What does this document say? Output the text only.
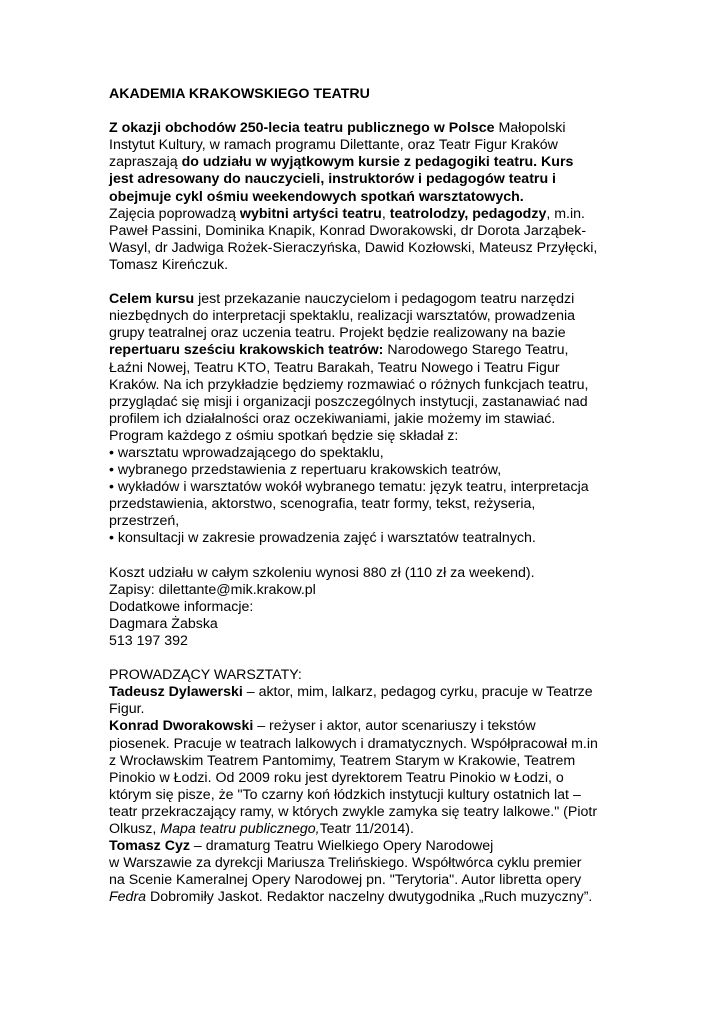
AKADEMIA KRAKOWSKIEGO TEATRU
Z okazji obchodów 250-lecia teatru publicznego w Polsce Małopolski
Instytut Kultury, w ramach programu Dilettante, oraz Teatr Figur Kraków
zapraszają do udziału w wyjątkowym kursie z pedagogiki teatru. Kurs
jest adresowany do nauczycieli, instruktorów i pedagogów teatru i
obejmuje cykl ośmiu weekendowych spotkań warsztatowych.
Zajęcia poprowadzą wybitni artyści teatru, teatrolodzy, pedagodzy, m.in.
Paweł Passini, Dominika Knapik, Konrad Dworakowski, dr Dorota Jarząbek-
Wasyl, dr Jadwiga Rożek-Sieraczyńska, Dawid Kozłowski, Mateusz Przyłęcki,
Tomasz Kireńczuk.
Celem kursu jest przekazanie nauczycielom i pedagogom teatru narzędzi
niezbędnych do interpretacji spektaklu, realizacji warsztatów, prowadzenia
grupy teatralnej oraz uczenia teatru. Projekt będzie realizowany na bazie
repertuaru sześciu krakowskich teatrów: Narodowego Starego Teatru,
Łaźni Nowej, Teatru KTO, Teatru Barakah, Teatru Nowego i Teatru Figur
Kraków. Na ich przykładzie będziemy rozmawiać o różnych funkcjach teatru,
przyglądać się misji i organizacji poszczególnych instytucji, zastanawiać nad
profilem ich działalności oraz oczekiwaniami, jakie możemy im stawiać.
Program każdego z ośmiu spotkań będzie się składał z:
• warsztatu wprowadzającego do spektaklu,
• wybranego przedstawienia z repertuaru krakowskich teatrów,
• wykładów i warsztatów wokół wybranego tematu: język teatru, interpretacja
przedstawienia, aktorstwo, scenografia, teatr formy, tekst, reżyseria,
przestrzeń,
• konsultacji w zakresie prowadzenia zajęć i warsztatów teatralnych.
Koszt udziału w całym szkoleniu wynosi 880 zł (110 zł za weekend).
Zapisy: dilettante@mik.krakow.pl
Dodatkowe informacje:
Dagmara Żabska
513 197 392
PROWADZĄCY WARSZTATY:
Tadeusz Dylawerski – aktor, mim, lalkarz, pedagog cyrku, pracuje w Teatrze
Figur.
Konrad Dworakowski – reżyser i aktor, autor scenariuszy i tekstów
piosenek. Pracuje w teatrach lalkowych i dramatycznych. Współpracował m.in
z Wrocławskim Teatrem Pantomimy, Teatrem Starym w Krakowie, Teatrem
Pinokio w Łodzi. Od 2009 roku jest dyrektorem Teatru Pinokio w Łodzi, o
którym się pisze, że "To czarny koń łódzkich instytucji kultury ostatnich lat –
teatr przekraczający ramy, w których zwykle zamyka się teatry lalkowe." (Piotr
Olkusz, Mapa teatru publicznego,Teatr 11/2014).
Tomasz Cyz – dramaturg Teatru Wielkiego Opery Narodowej
w Warszawie za dyrekcji Mariusza Trelińskiego. Współtwórca cyklu premier
na Scenie Kameralnej Opery Narodowej pn. "Terytoria". Autor libretta opery
Fedra Dobromiły Jaskot. Redaktor naczelny dwutygodnika „Ruch muzyczny”.
